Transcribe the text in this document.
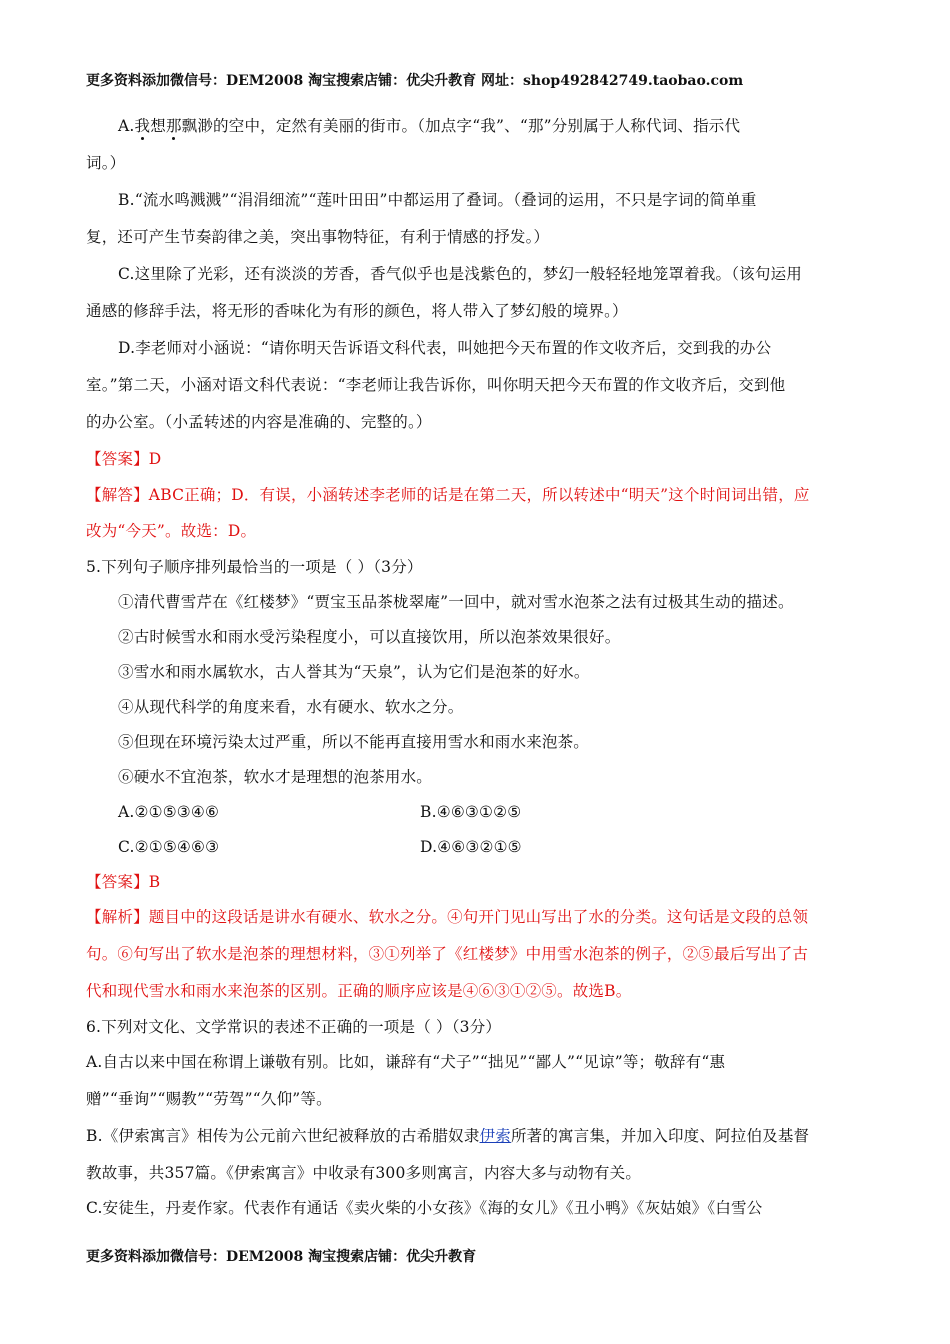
更多资料添加微信号：DEM2008 淘宝搜索店铺：优尖升教育 网址：shop492842749.taobao.com
A.我想那飘渺的空中，定然有美丽的街市。（加点字“我”、“那”分别属于人称代词、指示代
词。）
B.“流水鸣溅溅”“涓涓细流”“莲叶田田”中都运用了叠词。（叠词的运用，不只是字词的简单重
复，还可产生节奏韵律之美，突出事物特征，有利于情感的抒发。）
C.这里除了光彩，还有淡淡的芳香，香气似乎也是浅紫色的，梦幻一般轻轻地笼罩着我。（该句运用
通感的修辞手法，将无形的香味化为有形的颜色，将人带入了梦幻般的境界。）
D.李老师对小涵说：“请你明天告诉语文科代表，叫她把今天布置的作文收齐后，交到我的办公
室。”第二天，小涵对语文科代表说：“李老师让我告诉你，叫你明天把今天布置的作文收齐后，交到他
的办公室。（小孟转述的内容是准确的、完整的。）
【答案】D
【解答】ABC正确；D．有误，小涵转述李老师的话是在第二天，所以转述中“明天”这个时间词出错，应
改为“今天”。故选：D。
5.下列句子顺序排列最恰当的一项是（ ）（3分）
①清代曹雪芹在《红楼梦》“贾宝玉品茶栊翠庵”一回中，就对雪水泡茶之法有过极其生动的描述。
②古时候雪水和雨水受污染程度小，可以直接饮用，所以泡茶效果很好。
③雪水和雨水属软水，古人誉其为“天泉”，认为它们是泡茶的好水。
④从现代科学的角度来看，水有硬水、软水之分。
⑤但现在环境污染太过严重，所以不能再直接用雪水和雨水来泡茶。
⑥硬水不宜泡茶，软水才是理想的泡茶用水。
A.②①⑤③④⑥	B.④⑥③①②⑤
C.②①⑤④⑥③	D.④⑥③②①⑤
【答案】B
【解析】题目中的这段话是讲水有硬水、软水之分。④句开门见山写出了水的分类。这句话是文段的总领
句。⑥句写出了软水是泡茶的理想材料，③①列举了《红楼梦》中用雪水泡茶的例子，②⑤最后写出了古
代和现代雪水和雨水来泡茶的区别。正确的顺序应该是④⑥③①②⑤。故选B。
6.下列对文化、文学常识的表述不正确的一项是（ ）（3分）
A.自古以来中国在称谓上谦敬有别。比如，谦辞有“犬子”“拙见”“鄙人”“见谅”等；敬辞有“惠
赠”“垂询”“赐教”“劳驾”“久仰”等。
B.《伊索寓言》相传为公元前六世纪被释放的古希腊奴隶伊索所著的寓言集，并加入印度、阿拉伯及基督
教故事，共357篇。《伊索寓言》中收录有300多则寓言，内容大多与动物有关。
C.安徒生，丹麦作家。代表作有通话《卖火柴的小女孩》《海的女儿》《丑小鸭》《灰姑娘》《白雪公
更多资料添加微信号：DEM2008 淘宝搜索店铺：优尖升教育
